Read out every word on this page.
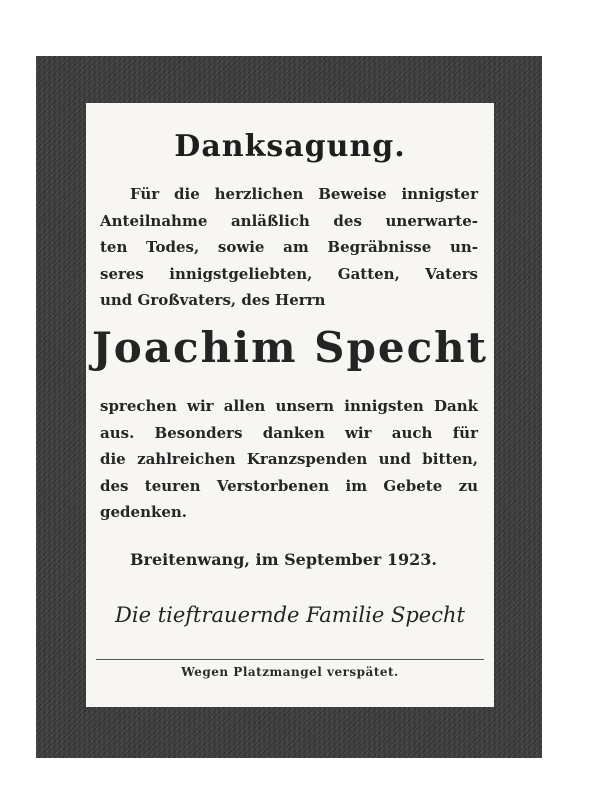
Danksagung.
Für die herzlichen Beweise innigster
Anteilnahme anläßlich des unerwarte-
ten Todes, sowie am Begräbnisse un-
seres innigstgeliebten, Gatten, Vaters
und Großvaters, des Herrn
Joachim Specht
sprechen wir allen unsern innigsten Dank
aus. Besonders danken wir auch für
die zahlreichen Kranzspenden und bitten,
des teuren Verstorbenen im Gebete zu
gedenken.
Breitenwang, im September 1923.
Die tieftrauernde Familie Specht
Wegen Platzmangel verspätet.
